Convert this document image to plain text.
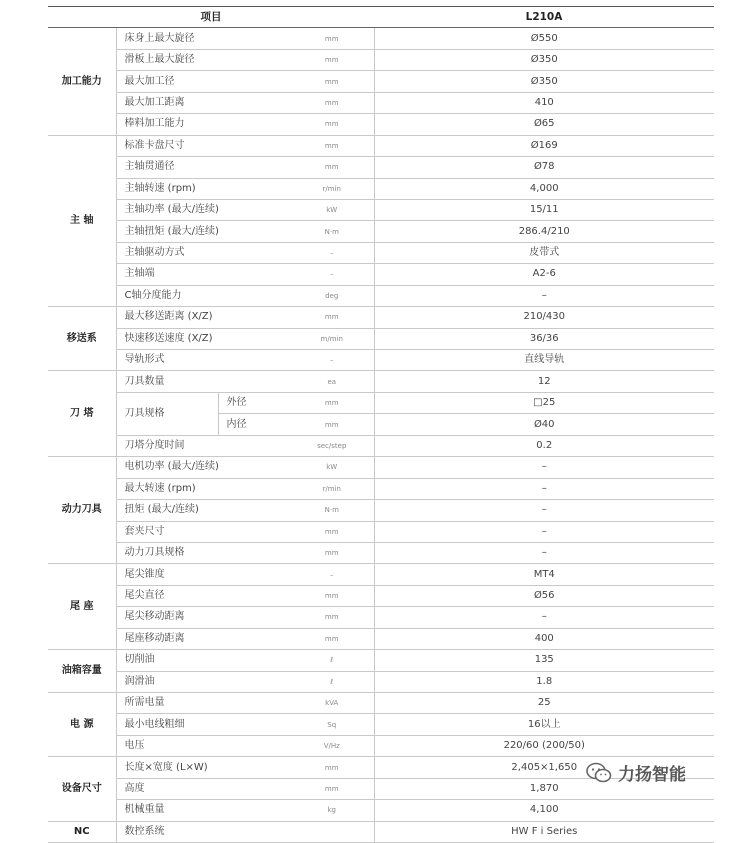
项目				L210A
加工能力	床身上最大旋径		mm	Ø550
	滑板上最大旋径		mm	Ø350
	最大加工径		mm	Ø350
	最大加工距离		mm	410
	棒料加工能力		mm	Ø65
主 轴	标准卡盘尺寸		mm	Ø169
	主轴贯通径		mm	Ø78
	主轴转速 (rpm)		r/min	4,000
	主轴功率 (最大/连续)		kW	15/11
	主轴扭矩 (最大/连续)		N·m	286.4/210
	主轴驱动方式		–	皮带式
	主轴端		–	A2-6
	C轴分度能力		deg	–
移送系	最大移送距离 (X/Z)		mm	210/430
	快速移送速度 (X/Z)		m/min	36/36
	导轨形式		–	直线导轨
刀 塔	刀具数量		ea	12
	刀具规格	外径	mm	□25
		内径	mm	Ø40
	刀塔分度时间		sec/step	0.2
动力刀具	电机功率 (最大/连续)		kW	–
	最大转速 (rpm)		r/min	–
	扭矩 (最大/连续)		N·m	–
	套夹尺寸		mm	–
	动力刀具规格		mm	–
尾 座	尾尖锥度		–	MT4
	尾尖直径		mm	Ø56
	尾尖移动距离		mm	–
	尾座移动距离		mm	400
油箱容量	切削油		ℓ	135
	润滑油		ℓ	1.8
电 源	所需电量		kVA	25
	最小电线粗细		Sq	16以上
	电压		V/Hz	220/60 (200/50)
设备尺寸	长度×宽度 (L×W)		mm	2,405×1,650
	高度		mm	1,870
	机械重量		kg	4,100
NC	数控系统			HW F i Series
力扬智能
